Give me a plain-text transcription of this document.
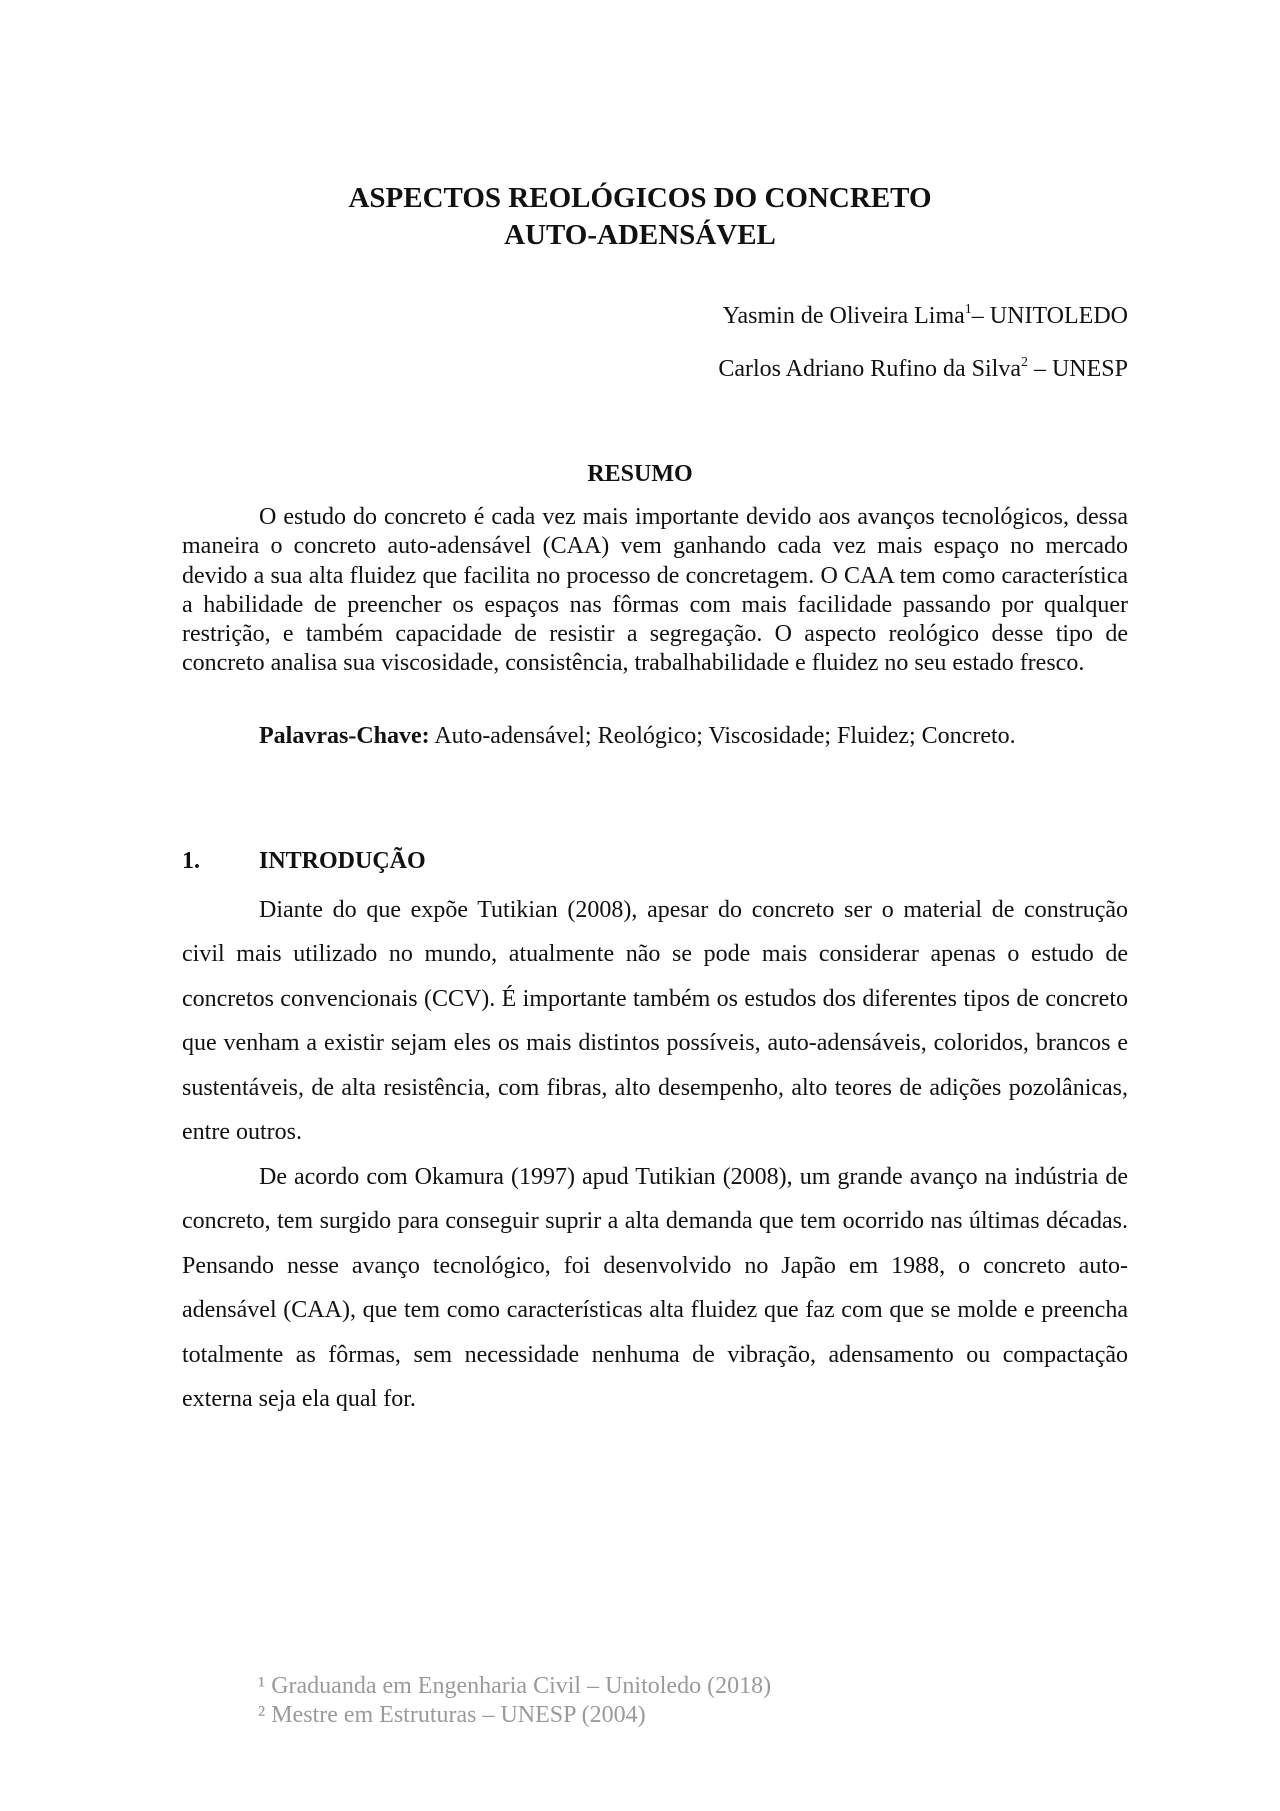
ASPECTOS REOLÓGICOS DO CONCRETO
AUTO-ADENSÁVEL
Yasmin de Oliveira Lima$^1$– UNITOLEDO
Carlos Adriano Rufino da Silva$^2$ – UNESP
RESUMO

O estudo do concreto é cada vez mais importante devido aos avanços tecnológicos, dessa maneira o concreto auto-adensável (CAA) vem ganhando cada vez mais espaço no mercado devido a sua alta fluidez que facilita no processo de concretagem. O CAA tem como característica a habilidade de preencher os espaços nas fôrmas com mais facilidade passando por qualquer restrição, e também capacidade de resistir a segregação. O aspecto reológico desse tipo de concreto analisa sua viscosidade, consistência, trabalhabilidade e fluidez no seu estado fresco.

Palavras-Chave: Auto-adensável; Reológico; Viscosidade; Fluidez; Concreto.
1. INTRODUÇÃO

Diante do que expõe Tutikian (2008), apesar do concreto ser o material de construção civil mais utilizado no mundo, atualmente não se pode mais considerar apenas o estudo de concretos convencionais (CCV). É importante também os estudos dos diferentes tipos de concreto que venham a existir sejam eles os mais distintos possíveis, auto-adensáveis, coloridos, brancos e sustentáveis, de alta resistência, com fibras, alto desempenho, alto teores de adições pozolânicas, entre outros.

De acordo com Okamura (1997) apud Tutikian (2008), um grande avanço na indústria de concreto, tem surgido para conseguir suprir a alta demanda que tem ocorrido nas últimas décadas. Pensando nesse avanço tecnológico, foi desenvolvido no Japão em 1988, o concreto auto-adensável (CAA), que tem como características alta fluidez que faz com que se molde e preencha totalmente as fôrmas, sem necessidade nenhuma de vibração, adensamento ou compactação externa seja ela qual for.

¹ Graduanda em Engenharia Civil – Unitoledo (2018)
² Mestre em Estruturas – UNESP (2004)
